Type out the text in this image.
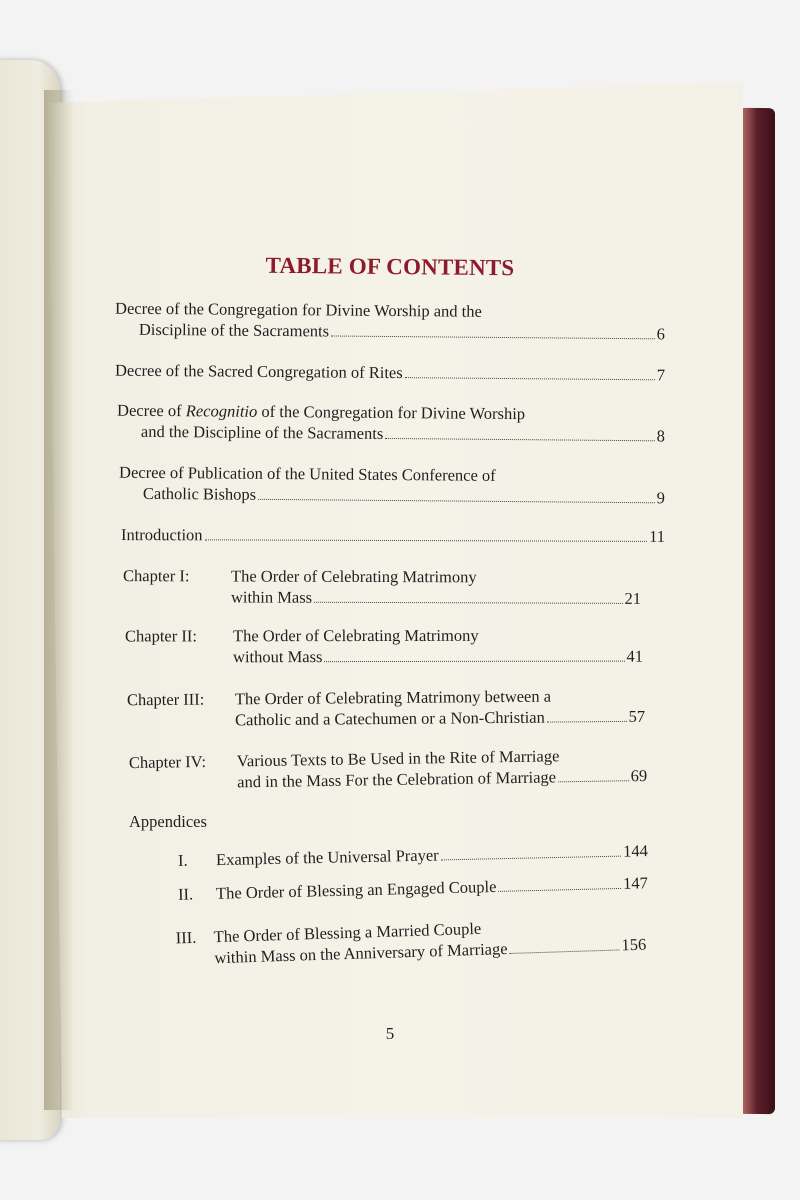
TABLE OF CONTENTS
Decree of the Congregation for Divine Worship and the
Discipline of the Sacraments	6
Decree of the Sacred Congregation of Rites	7
Decree of Recognitio of the Congregation for Divine Worship
and the Discipline of the Sacraments	8
Decree of Publication of the United States Conference of
Catholic Bishops	9
Introduction	11
Chapter I:	The Order of Celebrating Matrimony
within Mass	21
Chapter II: The Order of Celebrating Matrimony
without Mass	41
Chapter III: The Order of Celebrating Matrimony between a
Catholic and a Catechumen or a Non-Christian	57
Chapter IV: Various Texts to Be Used in the Rite of Marriage
and in the Mass For the Celebration of Marriage	69
Appendices
I.	Examples of the Universal Prayer	144
II.	The Order of Blessing an Engaged Couple	147
III.	The Order of Blessing a Married Couple
within Mass on the Anniversary of Marriage	156
5
